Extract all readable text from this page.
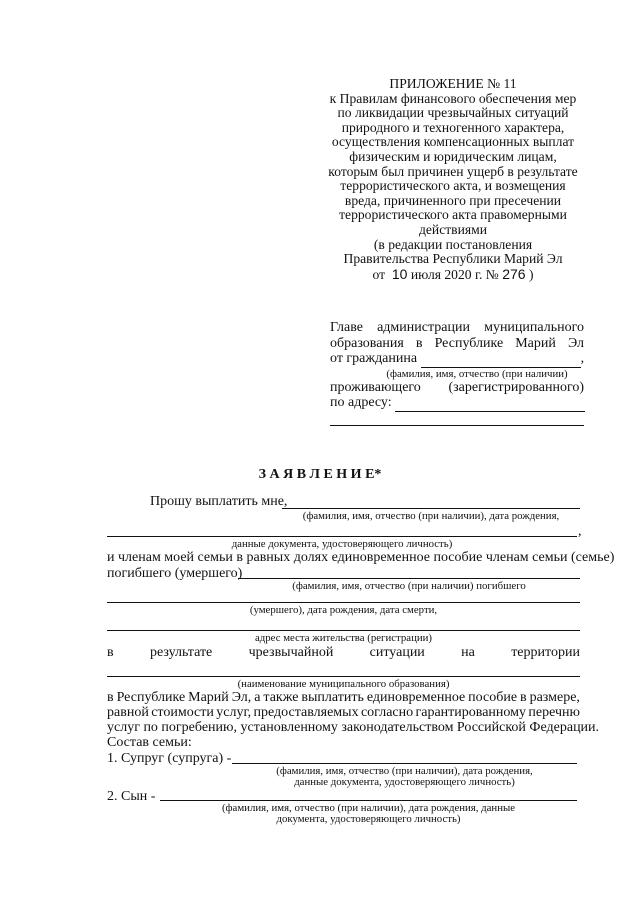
ПРИЛОЖЕНИЕ № 11
к Правилам финансового обеспечения мер
по ликвидации чрезвычайных ситуаций
природного и техногенного характера,
осуществления компенсационных выплат
физическим и юридическим лицам,
которым был причинен ущерб в результате
террористического акта, и возмещения
вреда, причиненного при пресечении
террористического акта правомерными
действиями
(в редакции постановления
Правительства Республики Марий Эл
от 10 июля 2020 г. № 276 )
Главе администрации муниципального
образования в Республике Марий Эл
от гражданина	,
(фамилия, имя, отчество (при наличии)
проживающего (зарегистрированного)
по адресу:
З А Я В Л Е Н И Е*
Прошу выплатить мне,
(фамилия, имя, отчество (при наличии), дата рождения,
,
данные документа, удостоверяющего личность)
и членам моей семьи в равных долях единовременное пособие членам семьи (семье)
погибшего (умершего)
(фамилия, имя, отчество (при наличии) погибшего
(умершего), дата рождения, дата смерти,
адрес места жительства (регистрации)
в	результате	чрезвычайной	ситуации	на	территории
(наименование муниципального образования)
в Республике Марий Эл, а также выплатить единовременное пособие в размере,
равной стоимости услуг, предоставляемых согласно гарантированному перечню
услуг по погребению, установленному законодательством Российской Федерации.
Состав семьи:
1. Супруг (супруга) -
(фамилия, имя, отчество (при наличии), дата рождения,
данные документа, удостоверяющего личность)
2. Сын -
(фамилия, имя, отчество (при наличии), дата рождения, данные
документа, удостоверяющего личность)
